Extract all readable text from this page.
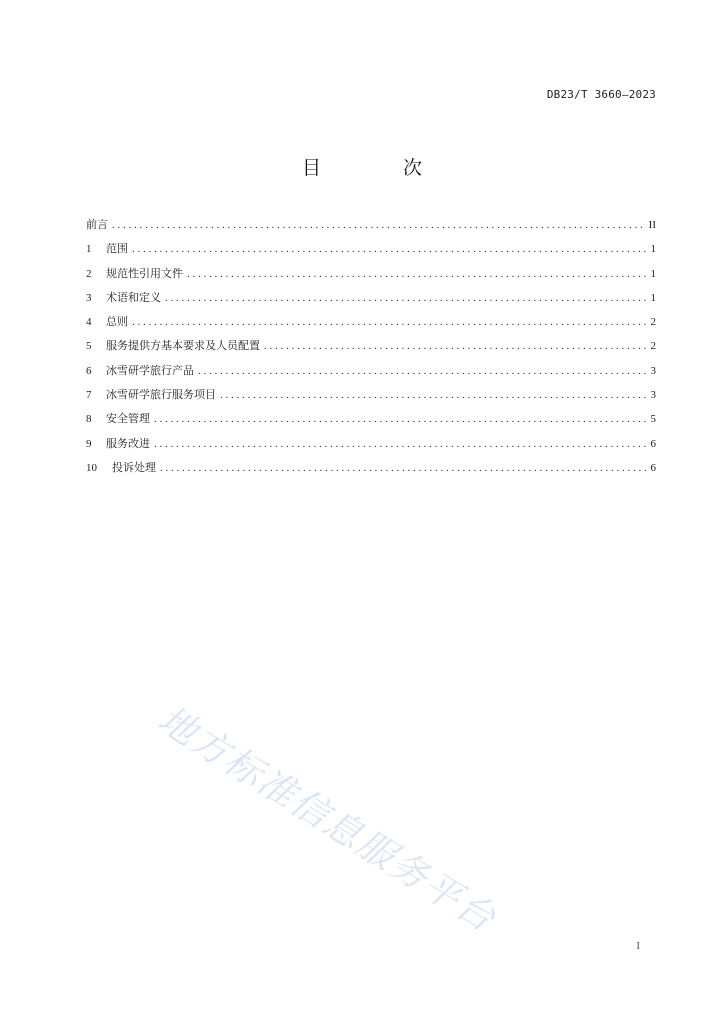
DB23/T 3660—2023
目 次
前言 . . .	II
1	范围 . . .	1
2	规范性引用文件 . . .	1
3	术语和定义 . . .	1
4	总则 . . .	2
5	服务提供方基本要求及人员配置 . . .	2
6	冰雪研学旅行产品 . . .	3
7	冰雪研学旅行服务项目 . . .	3
8	安全管理 . . .	5
9	服务改进 . . .	6
10	投诉处理 . . .	6
地方标准信息服务平台
I
